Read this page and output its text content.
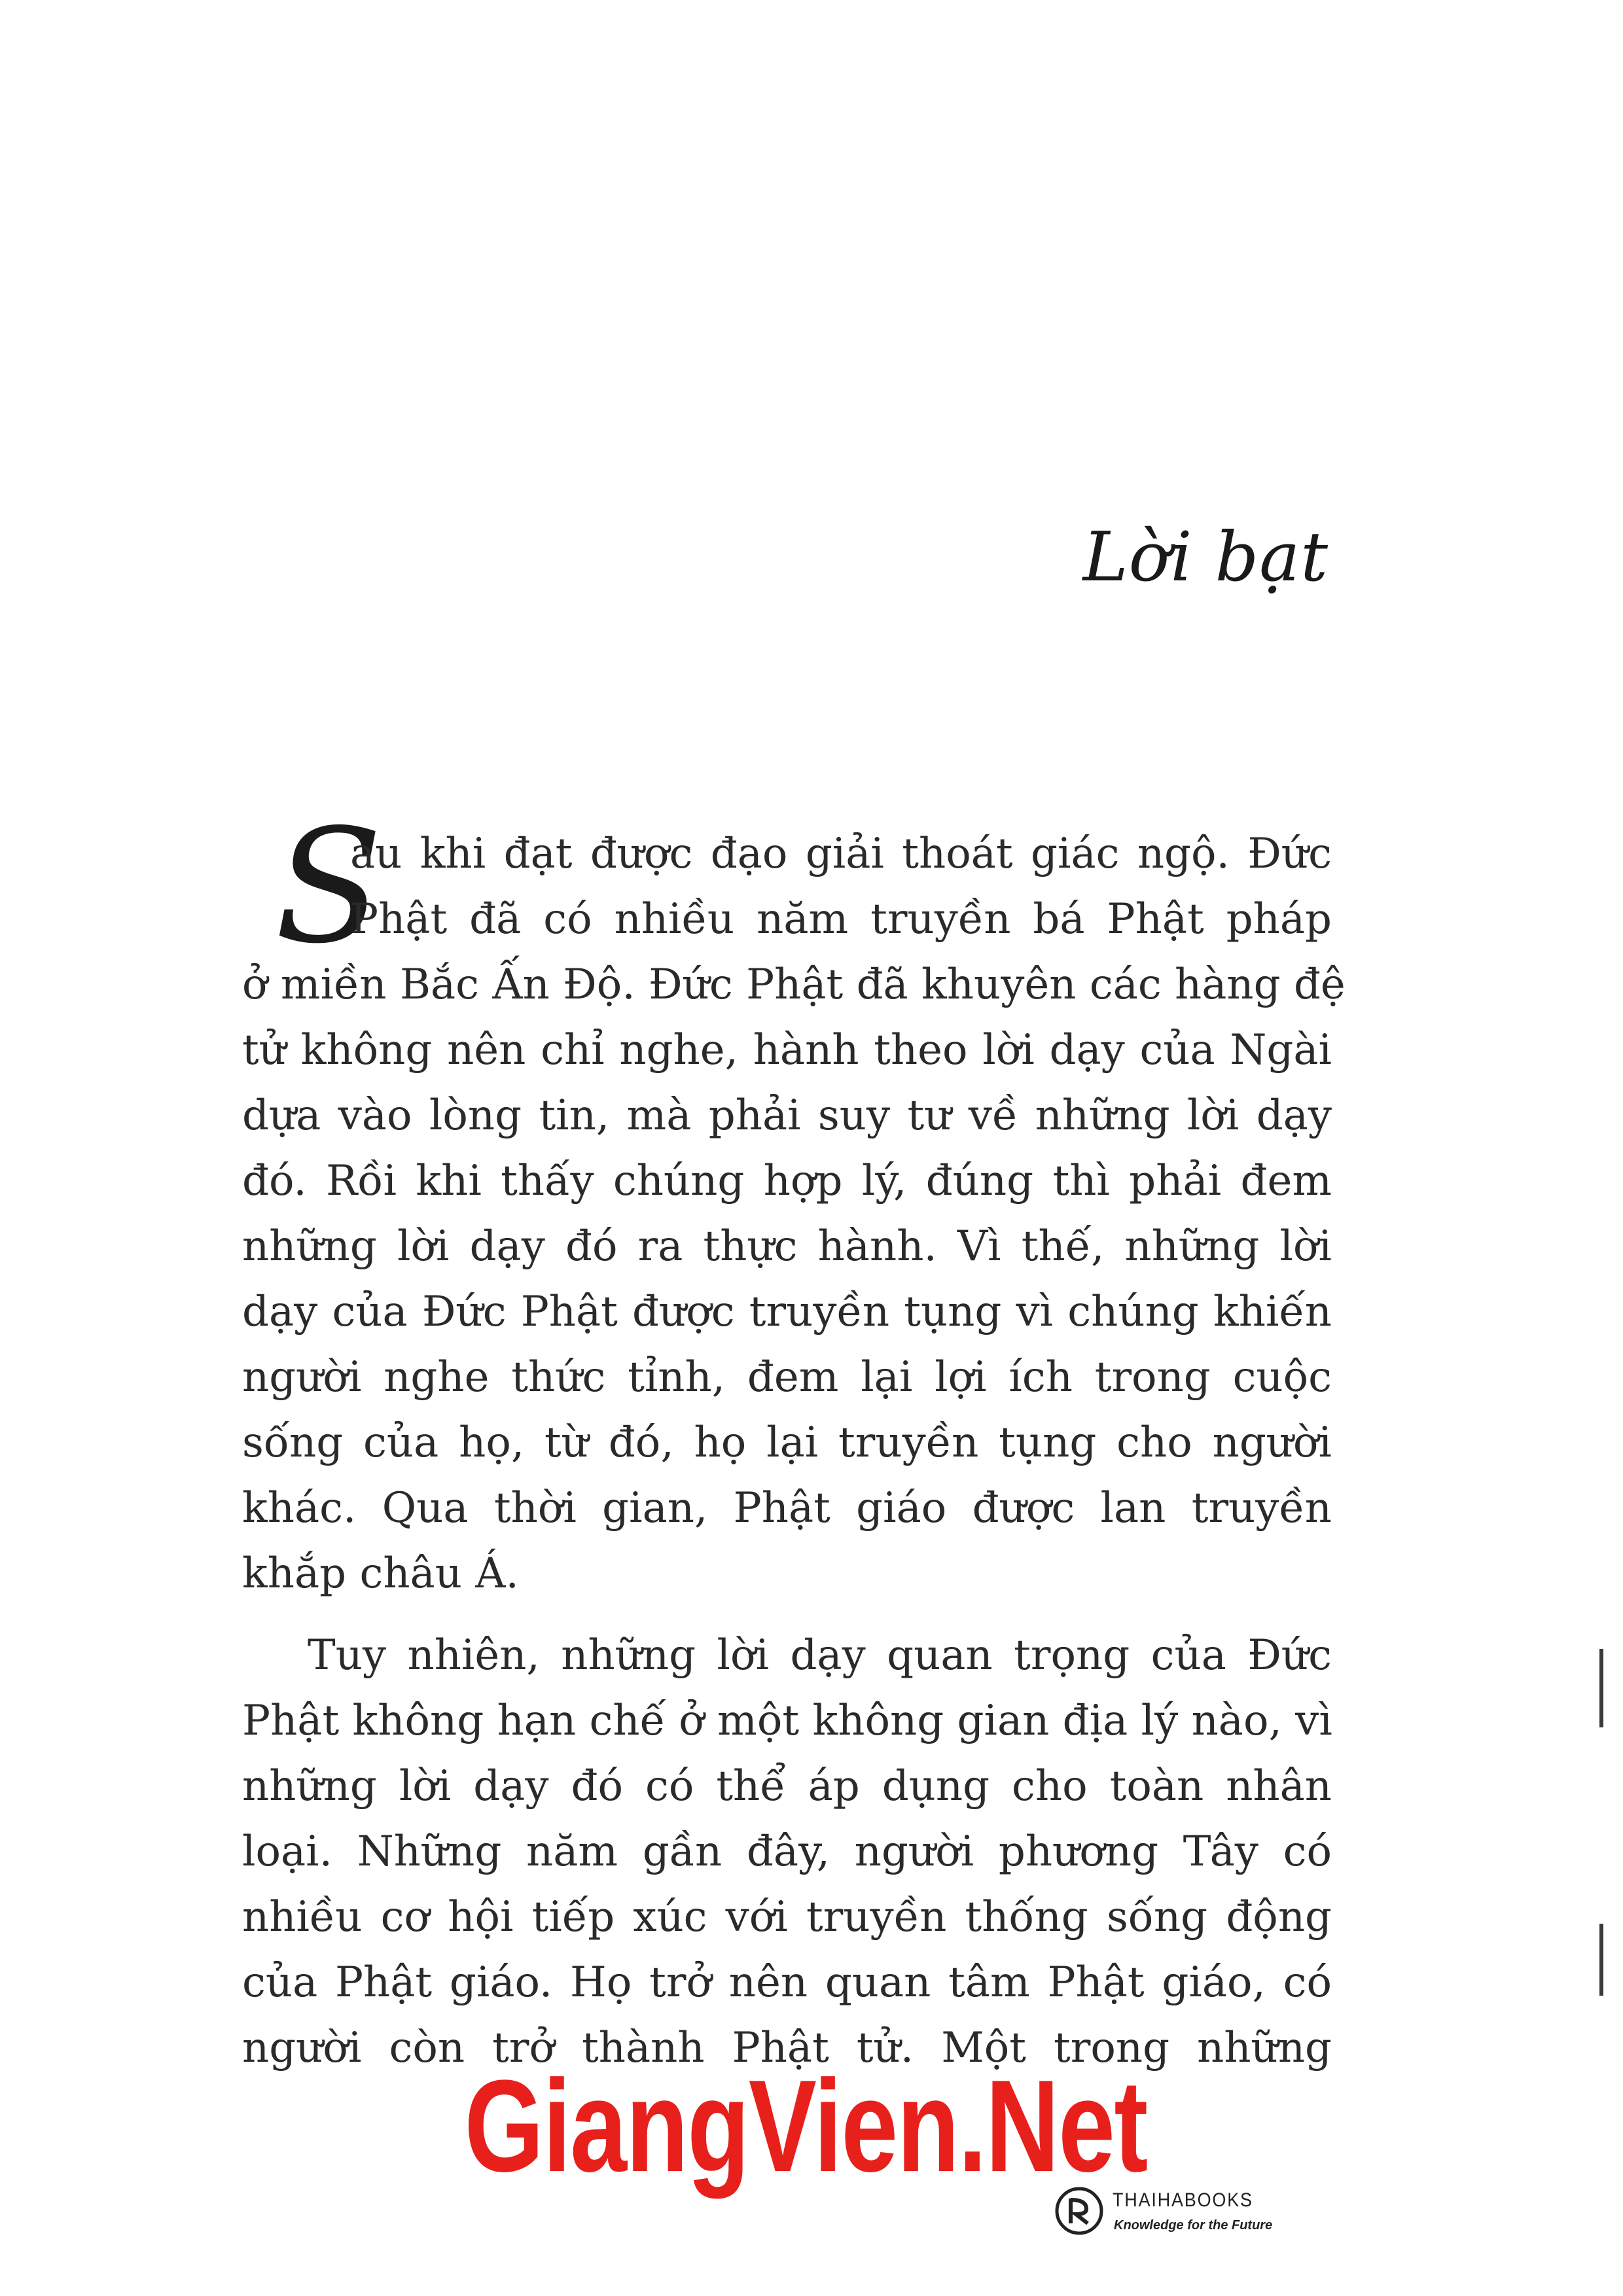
Lời bạt
S
au khi đạt được đạo giải thoát giác ngộ. Đức
Phật đã có nhiều năm truyền bá Phật pháp
ở miền Bắc Ấn Độ. Đức Phật đã khuyên các hàng đệ
tử không nên chỉ nghe, hành theo lời dạy của Ngài
dựa vào lòng tin, mà phải suy tư về những lời dạy
đó. Rồi khi thấy chúng hợp lý, đúng thì phải đem
những lời dạy đó ra thực hành. Vì thế, những lời
dạy của Đức Phật được truyền tụng vì chúng khiến
người nghe thức tỉnh, đem lại lợi ích trong cuộc
sống của họ, từ đó, họ lại truyền tụng cho người
khác. Qua thời gian, Phật giáo được lan truyền
khắp châu Á.
Tuy nhiên, những lời dạy quan trọng của Đức
Phật không hạn chế ở một không gian địa lý nào, vì
những lời dạy đó có thể áp dụng cho toàn nhân
loại. Những năm gần đây, người phương Tây có
nhiều cơ hội tiếp xúc với truyền thống sống động
của Phật giáo. Họ trở nên quan tâm Phật giáo, có
người còn trở thành Phật tử. Một trong những
GiangVien.Net
THAIHABOOKS
Knowledge for the Future
